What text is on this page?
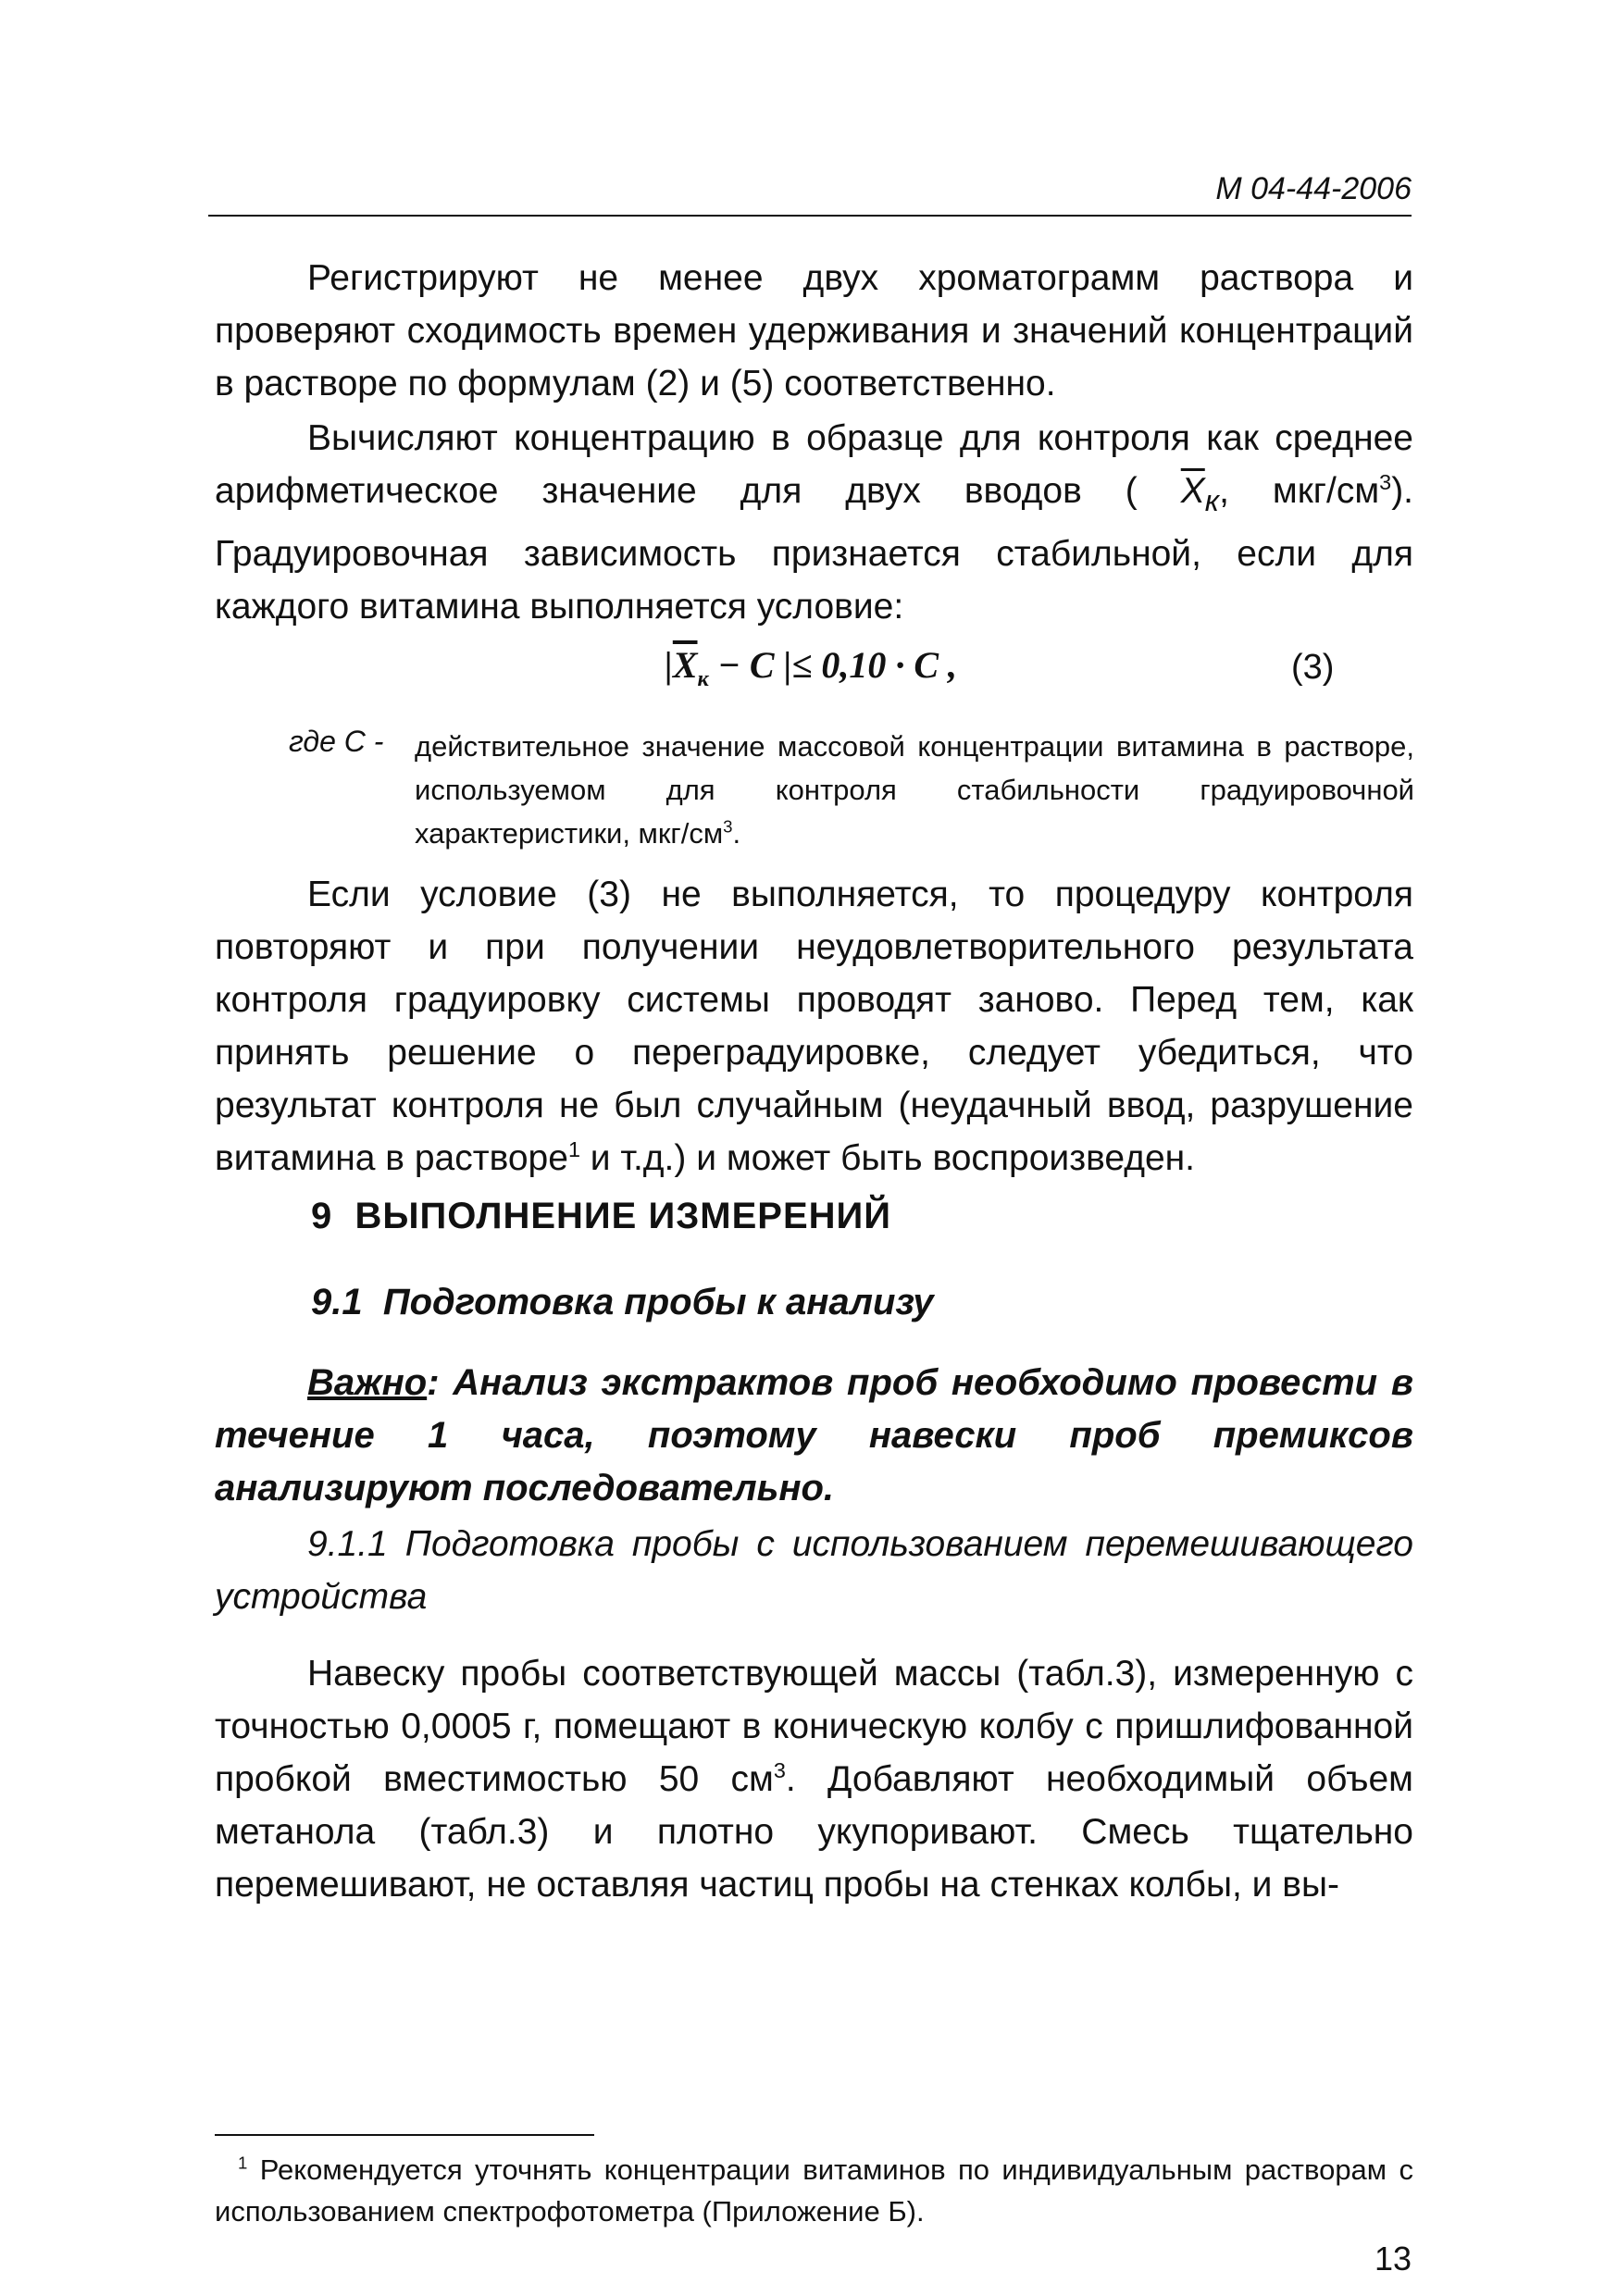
М 04-44-2006

Регистрируют не менее двух хроматограмм раствора и проверяют сходимость времен удерживания и значений концентраций в растворе по формулам (2) и (5) соответственно.

Вычисляют концентрацию в образце для контроля как среднее арифметическое значение для двух вводов ( $\overline{X}_к$, мкг/$см^3$). Градуировочная зависимость признается стабильной, если для каждого витамина выполняется условие:

$|\overline{X}_к - C$ |≤ 0,10 · C ,	(3)
где С - действительное значение массовой концентрации витамина в растворе, используемом для контроля стабильности градуировочной характеристики, мкг/$см^3$.

Если условие (3) не выполняется, то процедуру контроля повторяют и при получении неудовлетворительного результата контроля градуировку системы проводят заново. Перед тем, как принять решение о переградуировке, следует убедиться, что результат контроля не был случайным (неудачный ввод, разрушение витамина в растворе$^1$ и т.д.) и может быть воспроизведен.

9  ВЫПОЛНЕНИЕ ИЗМЕРЕНИЙ
9.1  Подготовка пробы к анализу

Важно: Анализ экстрактов проб необходимо провести в течение 1 часа, поэтому навески проб премиксов анализируют последовательно.

9.1.1 Подготовка пробы с использованием перемешивающего устройства

Навеску пробы соответствующей массы (табл.3), измеренную с точностью 0,0005 г, помещают в коническую колбу с пришлифованной пробкой вместимостью 50 $см^3$. Добавляют необходимый объем метанола (табл.3) и плотно укупоривают. Смесь тщательно перемешивают, не оставляя частиц пробы на стенках колбы, и вы-

$^1$ Рекомендуется уточнять концентрации витаминов по индивидуальным растворам с использованием спектрофотометра (Приложение Б).

13
